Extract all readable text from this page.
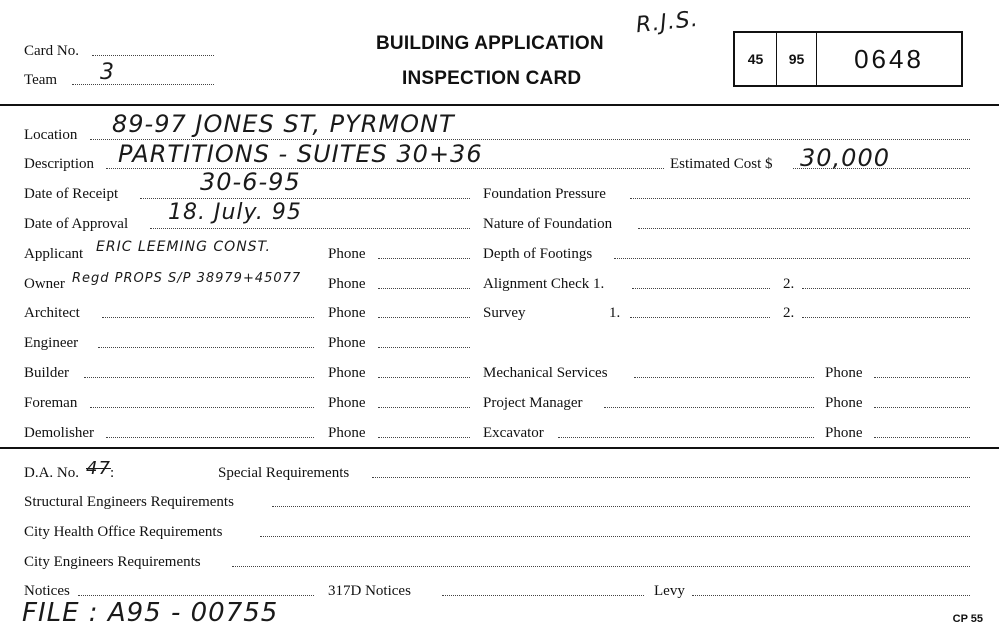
Card No.
Team 3
BUILDING APPLICATION
INSPECTION CARD
R.J.S.
45	95	0648
Location 89-97 JONES ST, PYRMONT
Description PARTITIONS - SUITES 30+36	Estimated Cost $ 30,000
Date of Receipt	30-6-95	Foundation Pressure
Date of Approval 18. July. 95	Nature of Foundation
Applicant ERIC LEEMING CONST.	Phone	Depth of Footings
Owner Regd PROPS S/P 38979+45077 Phone	Alignment Check 1.	2.
Architect	Phone	Survey	1.	2.
Engineer	Phone
Builder	Phone	Mechanical Services	Phone
Foreman	Phone	Project Manager	Phone
Demolisher	Phone	Excavator	Phone
D.A. No. 47 :	Special Requirements
Structural Engineers Requirements
City Health Office Requirements
City Engineers Requirements
Notices	317D Notices	Levy
FILE : A95 - 00755	CP 55
